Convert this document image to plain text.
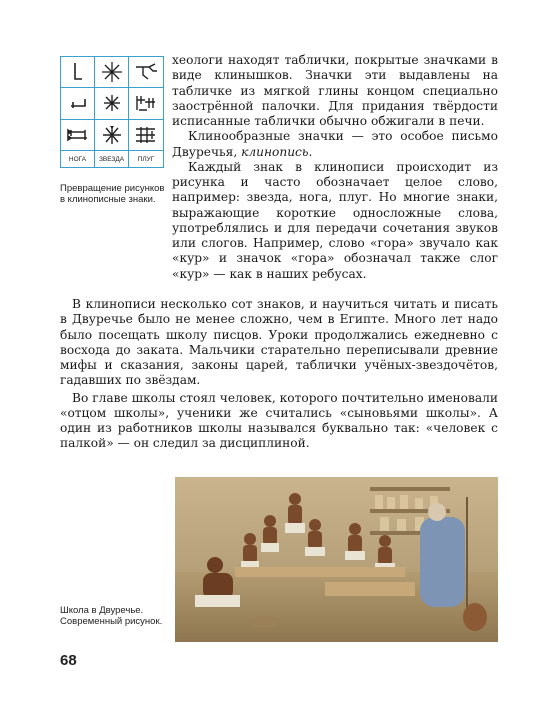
НОГА	ЗВЕЗДА	ПЛУГ
Превращение рисунков в клинописные знаки.

хеологи находят таблички, покрытые значками в виде клинышков. Значки эти выдавлены на табличке из мягкой глины концом специально заострённой палочки. Для придания твёрдости исписанные таблички обычно обжигали в печи.

Клинообразные значки — это особое письмо Двуречья, клинопись.

Каждый знак в клинописи происходит из рисунка и часто обозначает целое слово, например: звезда, нога, плуг. Но многие знаки, выражающие короткие односложные слова, употреблялись и для передачи сочетания звуков или слогов. Например, слово «гора» звучало как «кур» и значок «гора» обозначал также слог «кур» — как в наших ребусах.

В клинописи несколько сот знаков, и научиться читать и писать в Двуречье было не менее сложно, чем в Египте. Много лет надо было посещать школу писцов. Уроки продолжались ежедневно с восхода до заката. Мальчики старательно переписывали древние мифы и сказания, законы царей, таблички учёных-звездочётов, гадавших по звёздам.

Во главе школы стоял человек, которого почтительно именовали «отцом школы», ученики же считались «сыновьями школы». А один из работников школы назывался буквально так: «человек с палкой» — он следил за дисциплиной.

Школа в Двуречье. Современный рисунок.
68
